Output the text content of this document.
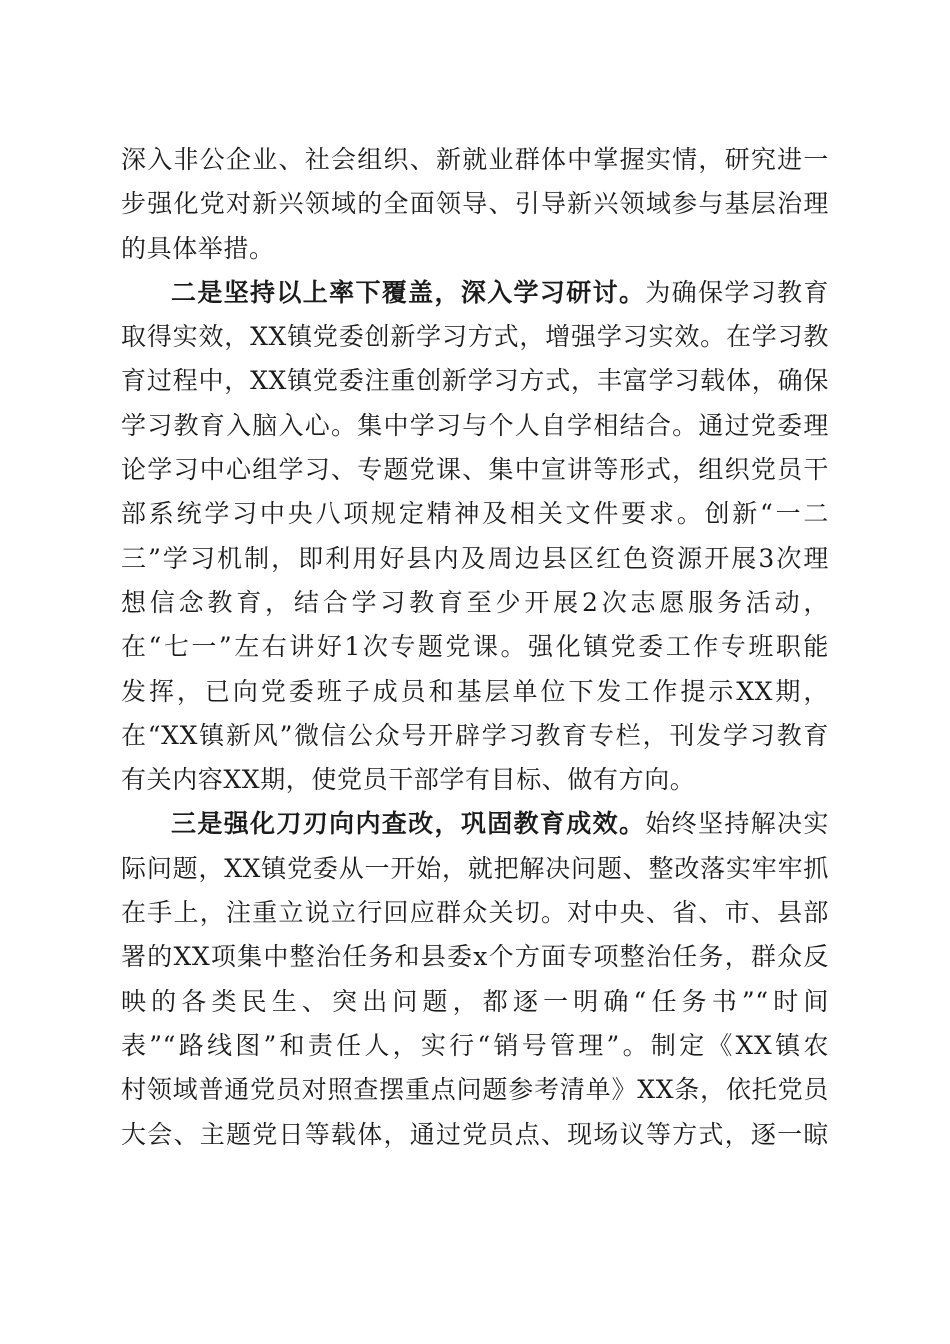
深入非公企业、社会组织、新就业群体中掌握实情，研究进一
步强化党对新兴领域的全面领导、引导新兴领域参与基层治理
的具体举措。
二是坚持以上率下覆盖，深入学习研讨。为确保学习教育
取得实效，XX镇党委创新学习方式，增强学习实效。在学习教
育过程中，XX镇党委注重创新学习方式，丰富学习载体，确保
学习教育入脑入心。集中学习与个人自学相结合。通过党委理
论学习中心组学习、专题党课、集中宣讲等形式，组织党员干
部系统学习中央八项规定精神及相关文件要求。创新“一二
三”学习机制，即利用好县内及周边县区红色资源开展3次理
想信念教育，结合学习教育至少开展2次志愿服务活动，
在“七一”左右讲好1次专题党课。强化镇党委工作专班职能
发挥，已向党委班子成员和基层单位下发工作提示XX期，
在“XX镇新风”微信公众号开辟学习教育专栏，刊发学习教育
有关内容XX期，使党员干部学有目标、做有方向。
三是强化刀刃向内查改，巩固教育成效。始终坚持解决实
际问题，XX镇党委从一开始，就把解决问题、整改落实牢牢抓
在手上，注重立说立行回应群众关切。对中央、省、市、县部
署的XX项集中整治任务和县委x个方面专项整治任务，群众反
映的各类民生、突出问题，都逐一明确“任务书”“时间
表”“路线图”和责任人，实行“销号管理”。制定《XX镇农
村领域普通党员对照查摆重点问题参考清单》XX条，依托党员
大会、主题党日等载体，通过党员点、现场议等方式，逐一晾
